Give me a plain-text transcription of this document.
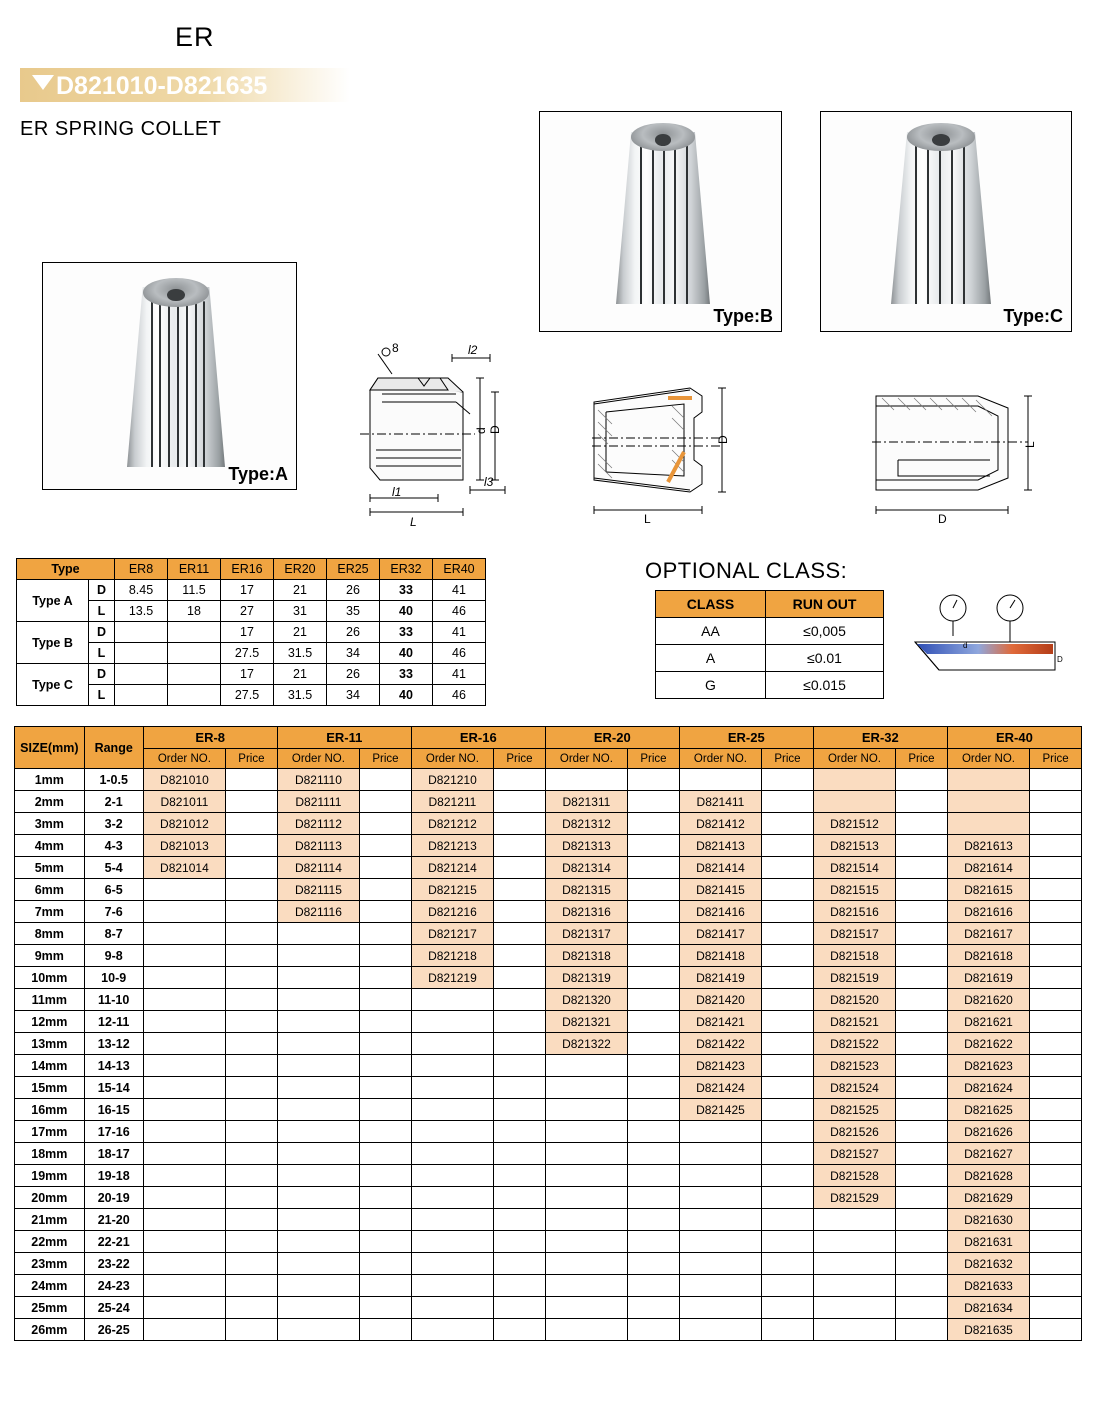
ER
D821010-D821635
ER SPRING COLLET
Type:A
Type:B	Type:C
l2
l1
L
l3
8
D
d
D
L
L
D
Type		ER8	ER11	ER16	ER20	ER25	ER32	ER40
Type A	D	8.45	11.5	17	21	26	33	41
	L	13.5	18	27	31	35	40	46
Type B	D			17	21	26	33	41
	L			27.5	31.5	34	40	46
Type C	D			17	21	26	33	41
	L			27.5	31.5	34	40	46
OPTIONAL CLASS:
CLASS	RUN OUT
AA	≤0,005
A	≤0.01
G	≤0.015
d
D
SIZE(mm)	Range	ER-8		ER-11		ER-16		ER-20		ER-25		ER-32		ER-40	
		Order NO.	Price	Order NO.	Price	Order NO.	Price	Order NO.	Price	Order NO.	Price	Order NO.	Price	Order NO.	Price
1mm	1-0.5	D821010		D821110		D821210									
2mm	2-1	D821011		D821111		D821211		D821311		D821411					
3mm	3-2	D821012		D821112		D821212		D821312		D821412		D821512			
4mm	4-3	D821013		D821113		D821213		D821313		D821413		D821513		D821613	
5mm	5-4	D821014		D821114		D821214		D821314		D821414		D821514		D821614	
6mm	6-5			D821115		D821215		D821315		D821415		D821515		D821615	
7mm	7-6			D821116		D821216		D821316		D821416		D821516		D821616	
8mm	8-7					D821217		D821317		D821417		D821517		D821617	
9mm	9-8					D821218		D821318		D821418		D821518		D821618	
10mm	10-9					D821219		D821319		D821419		D821519		D821619	
11mm	11-10							D821320		D821420		D821520		D821620	
12mm	12-11							D821321		D821421		D821521		D821621	
13mm	13-12							D821322		D821422		D821522		D821622	
14mm	14-13									D821423		D821523		D821623	
15mm	15-14									D821424		D821524		D821624	
16mm	16-15									D821425		D821525		D821625	
17mm	17-16											D821526		D821626	
18mm	18-17											D821527		D821627	
19mm	19-18											D821528		D821628	
20mm	20-19											D821529		D821629	
21mm	21-20													D821630	
22mm	22-21													D821631	
23mm	23-22													D821632	
24mm	24-23													D821633	
25mm	25-24													D821634	
26mm	26-25													D821635	
